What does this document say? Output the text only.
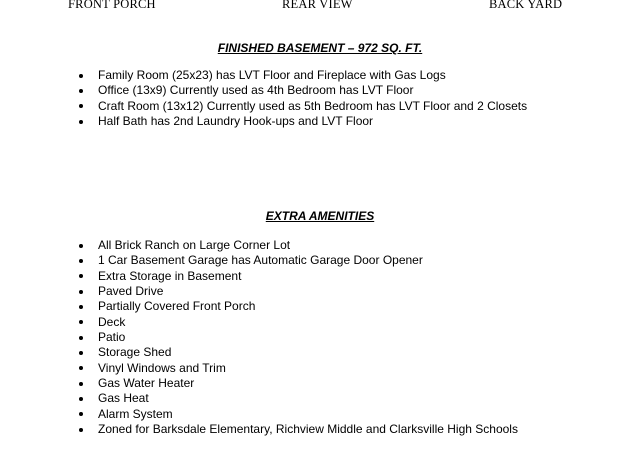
FRONT PORCH	REAR VIEW	BACK YARD
FINISHED BASEMENT – 972 SQ. FT.
Family Room (25x23) has LVT Floor and Fireplace with Gas Logs
Office (13x9) Currently used as 4th Bedroom has LVT Floor
Craft Room (13x12) Currently used as 5th Bedroom has LVT Floor and 2 Closets
Half Bath has 2nd Laundry Hook-ups and LVT Floor
EXTRA AMENITIES
All Brick Ranch on Large Corner Lot
1 Car Basement Garage has Automatic Garage Door Opener
Extra Storage in Basement
Paved Drive
Partially Covered Front Porch
Deck
Patio
Storage Shed
Vinyl Windows and Trim
Gas Water Heater
Gas Heat
Alarm System
Zoned for Barksdale Elementary, Richview Middle and Clarksville High Schools
